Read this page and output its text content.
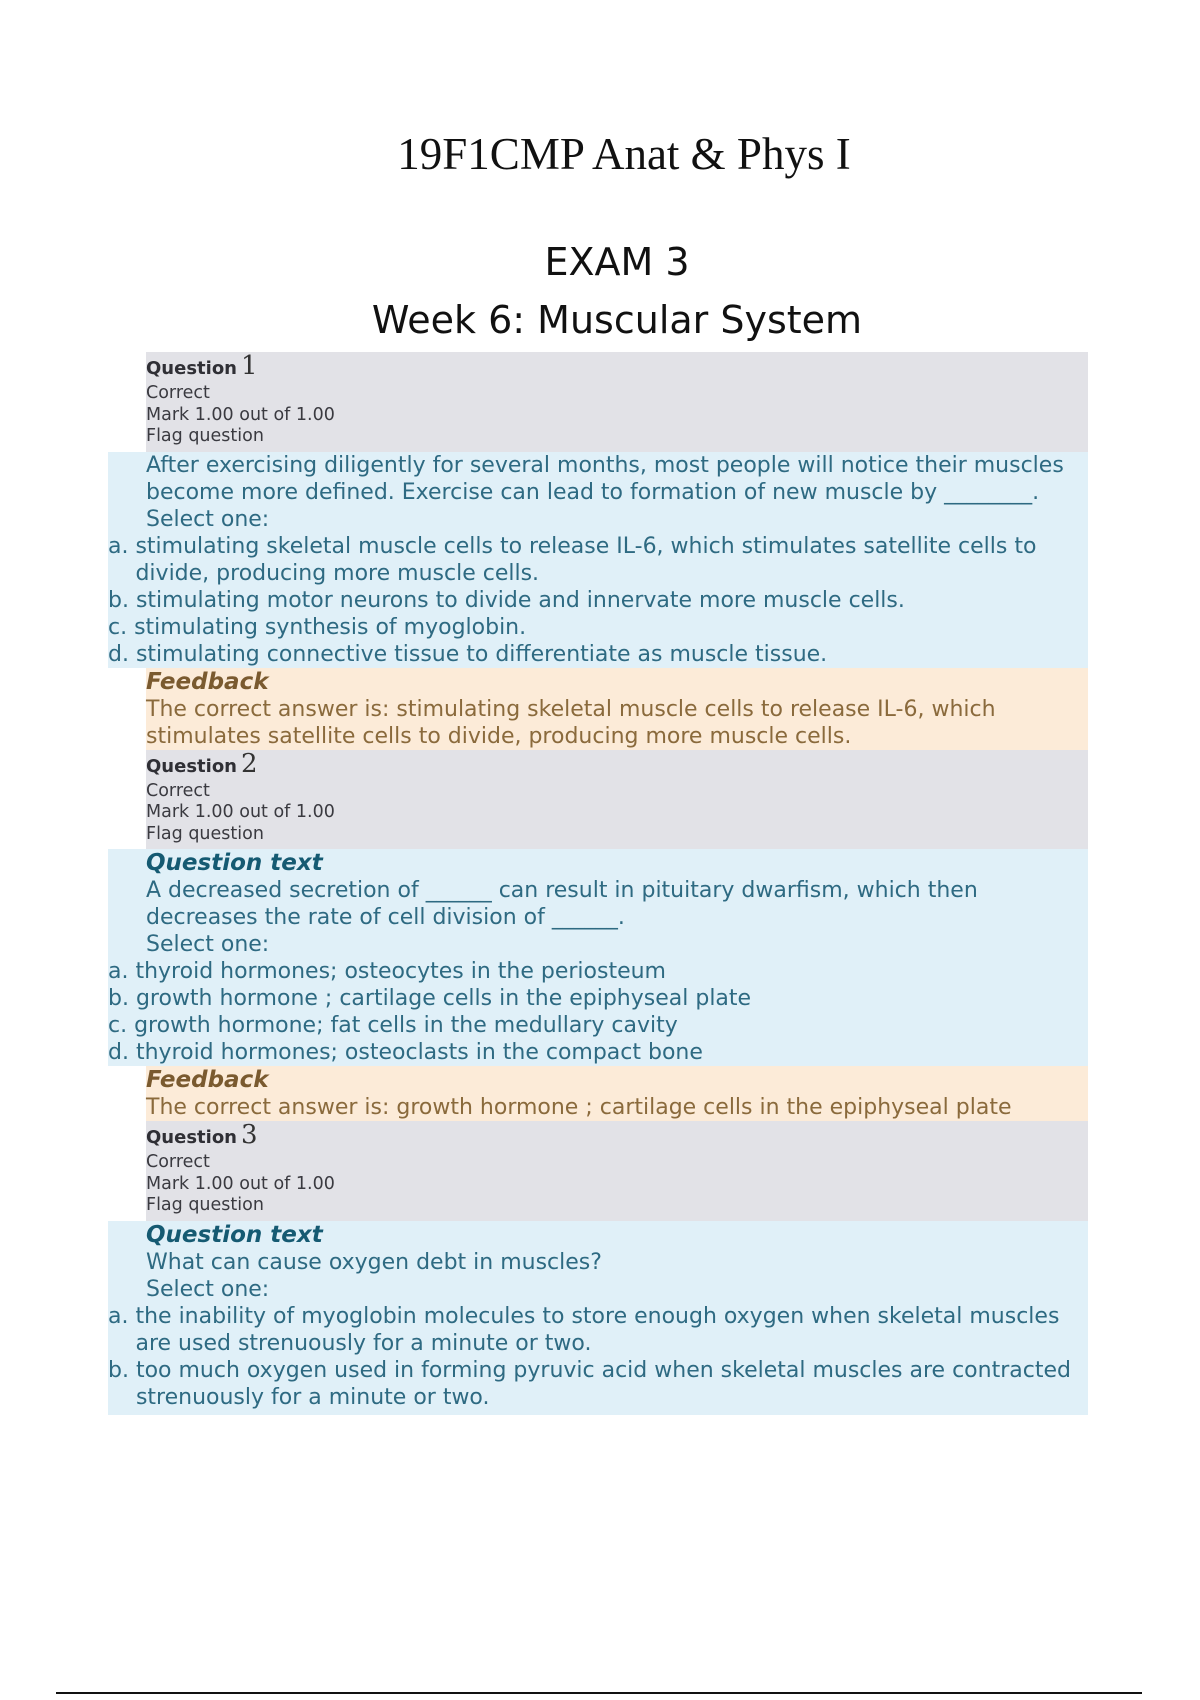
19F1CMP Anat & Phys I
EXAM 3
Week 6: Muscular System
Question 1
Correct
Mark 1.00 out of 1.00
Flag question
After exercising diligently for several months, most people will notice their muscles become more defined. Exercise can lead to formation of new muscle by ________.
Select one:
a. stimulating skeletal muscle cells to release IL-6, which stimulates satellite cells to divide, producing more muscle cells.
b. stimulating motor neurons to divide and innervate more muscle cells.
c. stimulating synthesis of myoglobin.
d. stimulating connective tissue to differentiate as muscle tissue.
Feedback
The correct answer is: stimulating skeletal muscle cells to release IL-6, which stimulates satellite cells to divide, producing more muscle cells.
Question 2
Correct
Mark 1.00 out of 1.00
Flag question
Question text
A decreased secretion of ______ can result in pituitary dwarfism, which then decreases the rate of cell division of ______.
Select one:
a. thyroid hormones; osteocytes in the periosteum
b. growth hormone ; cartilage cells in the epiphyseal plate
c. growth hormone; fat cells in the medullary cavity
d. thyroid hormones; osteoclasts in the compact bone
Feedback
The correct answer is: growth hormone ; cartilage cells in the epiphyseal plate
Question 3
Correct
Mark 1.00 out of 1.00
Flag question
Question text
What can cause oxygen debt in muscles?
Select one:
a. the inability of myoglobin molecules to store enough oxygen when skeletal muscles are used strenuously for a minute or two.
b. too much oxygen used in forming pyruvic acid when skeletal muscles are contracted strenuously for a minute or two.
